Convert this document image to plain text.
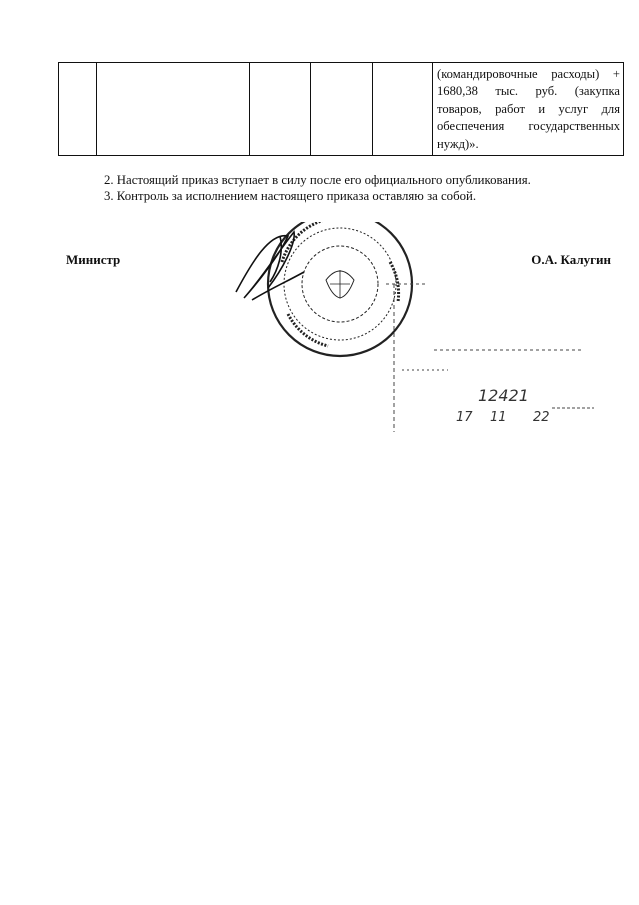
					(командировочные расходы) + 1680,38 тыс. руб. (закупка товаров, работ и услуг для обеспечения государственных
нужд)».
2. Настоящий приказ вступает в силу после его официального опубликования.
3. Контроль за исполнением настоящего приказа оставляю за собой.
Министр	О.А. Калугин
12421
17 11 22
